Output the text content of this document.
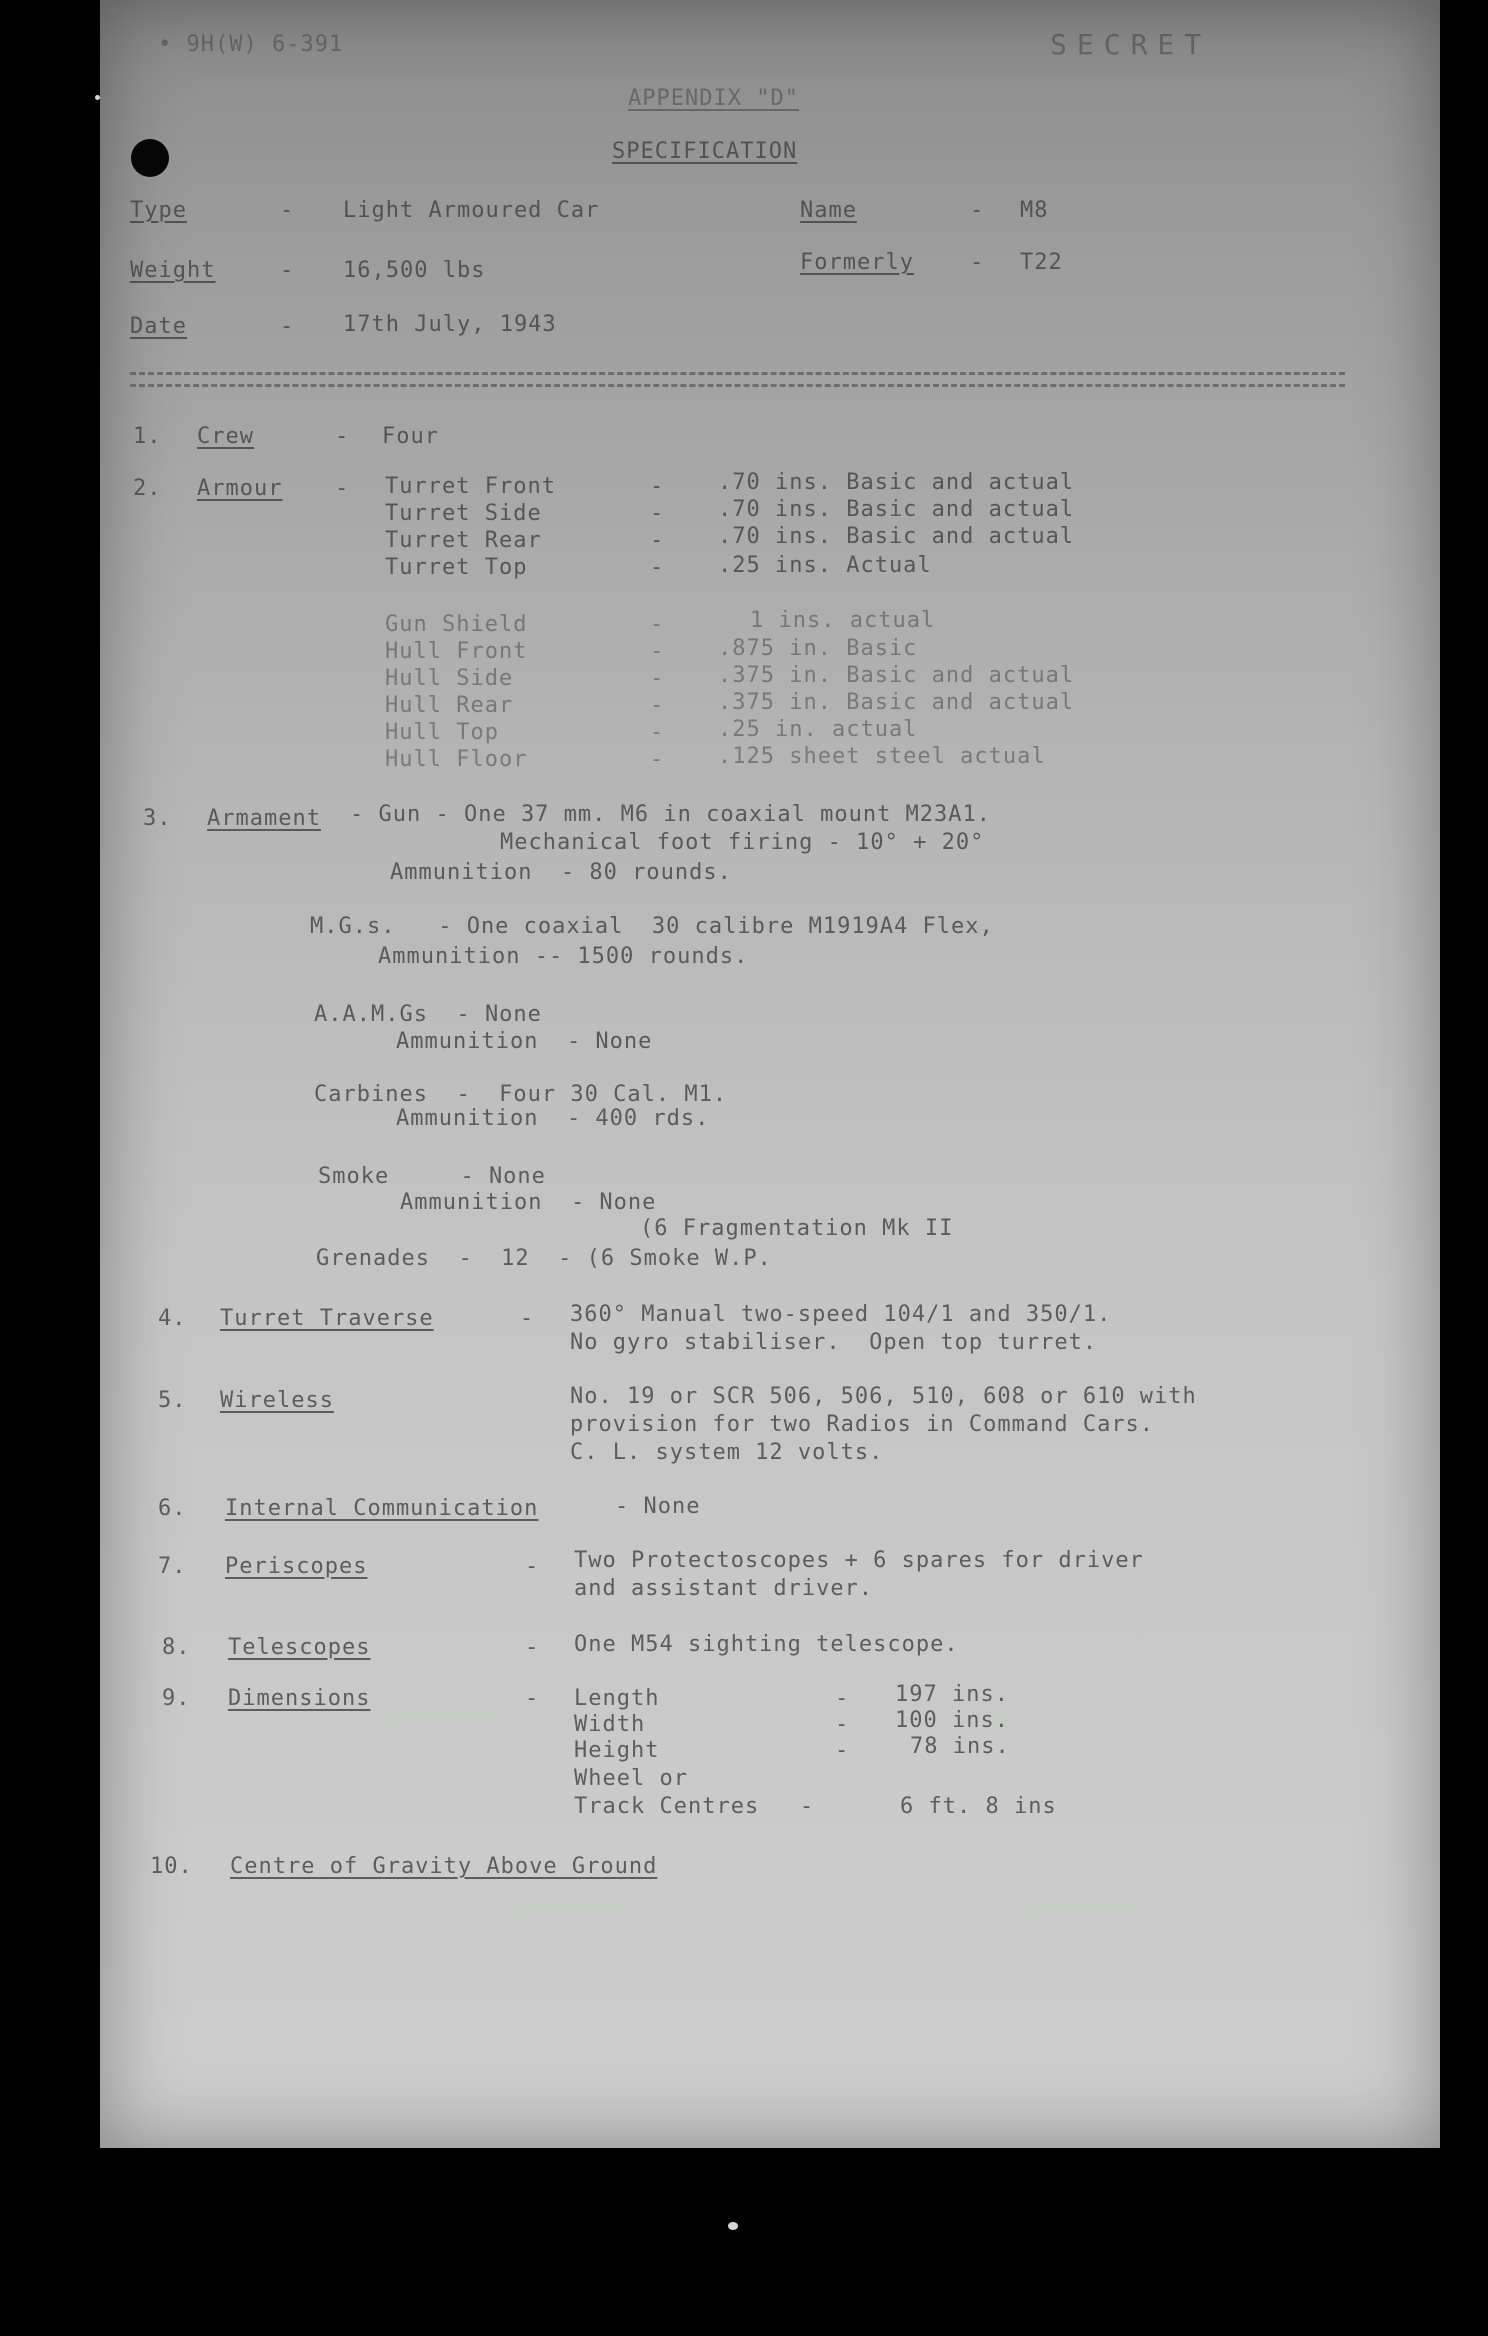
• 9H(W) 6-391	SECRET
APPENDIX "D"
SPECIFICATION
Type	- Light Armoured Car	Name	- M8
Weight	- 16,500 lbs	Formerly	- T22
Date	- 17th July, 1943
1. Crew	- Four
2. Armour - Turret Front	- .70 ins. Basic and actual
Turret Side	- .70 ins. Basic and actual
Turret Rear	- .70 ins. Basic and actual
Turret Top	- .25 ins. Actual
Gun Shield	-	1 ins. actual
Hull Front	- .875 in. Basic
Hull Side	- .375 in. Basic and actual
Hull Rear	- .375 in. Basic and actual
Hull Top	- .25 in. actual
Hull Floor	- .125 sheet steel actual
3. Armament - Gun - One 37 mm. M6 in coaxial mount M23A1.
Mechanical foot firing - 10° + 20°
Ammunition  - 80 rounds.
M.G.s.   - One coaxial  30 calibre M1919A4 Flex,
Ammunition -- 1500 rounds.
A.A.M.Gs  - None
Ammunition  - None
Carbines  -  Four 30 Cal. M1.
Ammunition  - 400 rds.
Smoke     - None
Ammunition  - None
(6 Fragmentation Mk II
Grenades  -  12  - (6 Smoke W.P.
4. Turret Traverse	- 360° Manual two-speed 104/1 and 350/1.
No gyro stabiliser.  Open top turret.
5. Wireless	No. 19 or SCR 506, 506, 510, 608 or 610 with
provision for two Radios in Command Cars.
C. L. system 12 volts.
6. Internal Communication	- None
7. Periscopes	- Two Protectoscopes + 6 spares for driver
and assistant driver.
8. Telescopes	- One M54 sighting telescope.
9. Dimensions	- Length	- 197 ins.
Width	- 100 ins.
Height	-	78 ins.
Wheel or
Track Centres -	6 ft. 8 ins
10. Centre of Gravity Above Ground
